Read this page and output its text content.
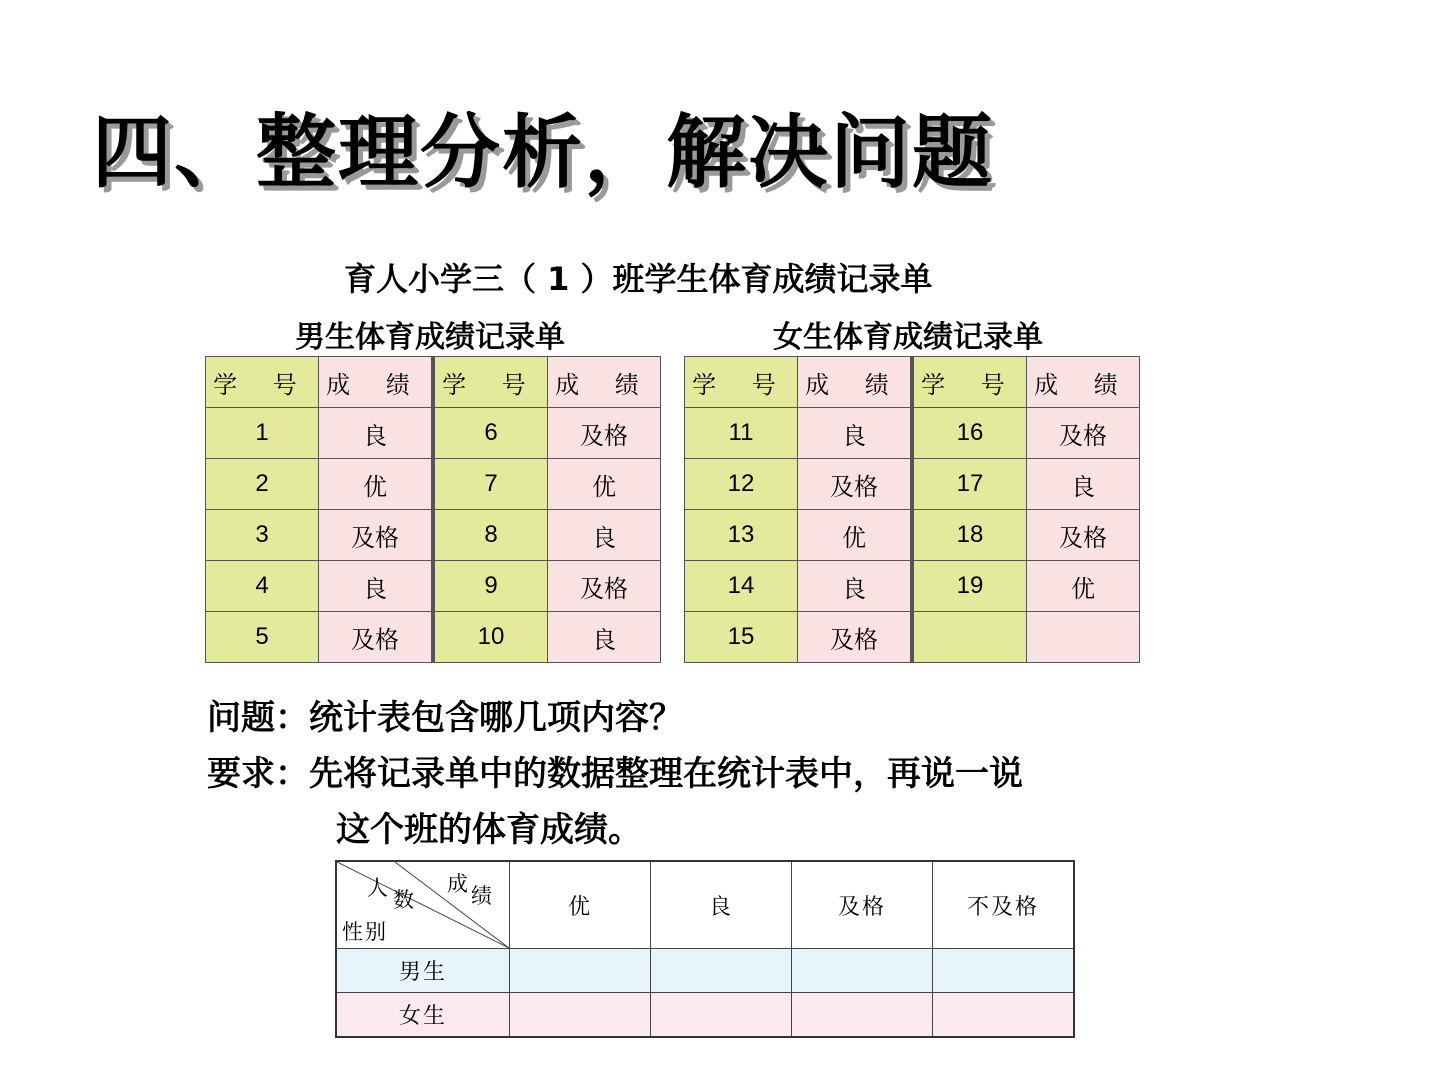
四、整理分析，解决问题
育人小学三（ 1 ）班学生体育成绩记录单
男生体育成绩记录单	女生体育成绩记录单
学 号	成 绩		学 号	成 绩
1	良		6	及格
2	优		7	优
3	及格		8	良
4	良		9	及格
5	及格		10	良
学 号	成 绩		学 号	成 绩
11	良		16	及格
12	及格		17	良
13	优		18	及格
14	良		19	优
15	及格			
问题：统计表包含哪几项内容？
要求：先将记录单中的数据整理在统计表中，再说一说
这个班的体育成绩。
人 数
成 绩
性别	优	良	及格	不及格
男生				
女生				
